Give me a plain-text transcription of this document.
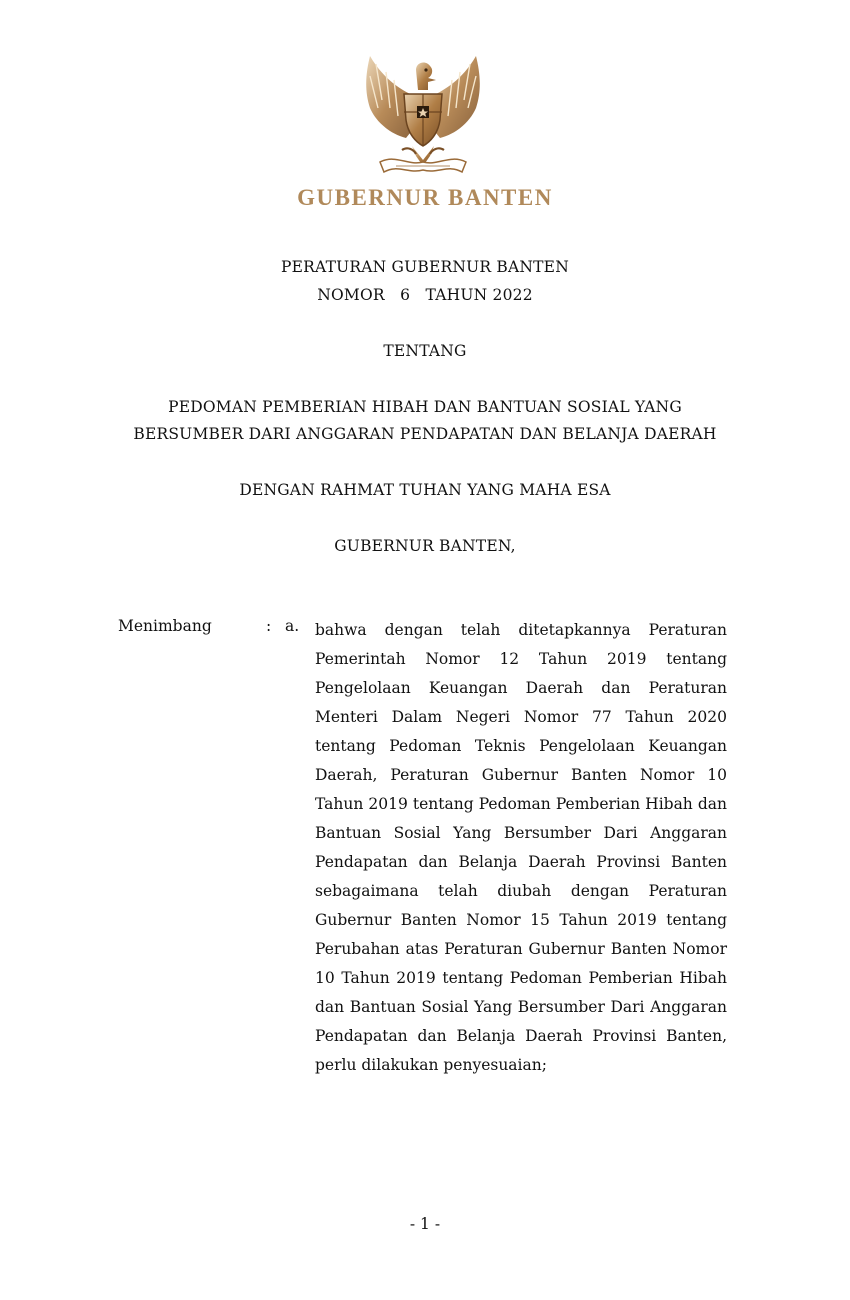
GUBERNUR BANTEN
PERATURAN GUBERNUR BANTEN
NOMOR   6   TAHUN 2022
TENTANG
PEDOMAN PEMBERIAN HIBAH DAN BANTUAN SOSIAL YANG
BERSUMBER DARI ANGGARAN PENDAPATAN DAN BELANJA DAERAH
DENGAN RAHMAT TUHAN YANG MAHA ESA
GUBERNUR BANTEN,
Menimbang	: a. bahwa dengan telah ditetapkannya Peraturan Pemerintah Nomor 12 Tahun 2019 tentang Pengelolaan Keuangan Daerah dan Peraturan Menteri Dalam Negeri Nomor 77 Tahun 2020 tentang Pedoman Teknis Pengelolaan Keuangan Daerah, Peraturan Gubernur Banten Nomor 10 Tahun 2019 tentang Pedoman Pemberian Hibah dan Bantuan Sosial Yang Bersumber Dari Anggaran Pendapatan dan Belanja Daerah Provinsi Banten sebagaimana telah diubah dengan Peraturan Gubernur Banten Nomor 15 Tahun 2019 tentang Perubahan atas Peraturan Gubernur Banten Nomor 10 Tahun 2019 tentang Pedoman Pemberian Hibah dan Bantuan Sosial Yang Bersumber Dari Anggaran Pendapatan dan Belanja Daerah Provinsi Banten, perlu dilakukan penyesuaian;

- 1 -
